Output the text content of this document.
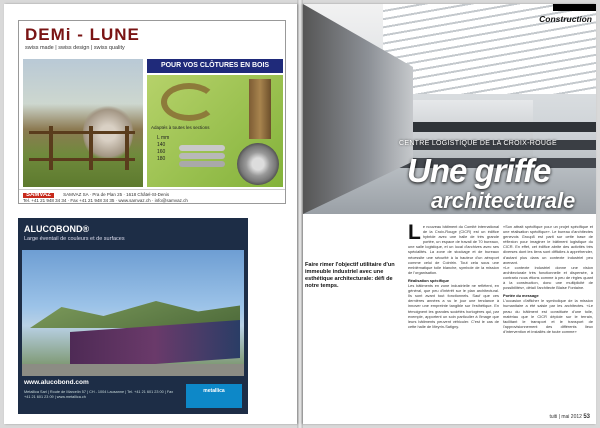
DEMi - LUNE
swiss made | swiss design | swiss quality
POUR VOS CLÔTURES EN BOIS
Adaptés à toutes les sections
L mm
140
160
180
SAMVAZ	SAMVAZ SA · Pra de Plan 25 · 1618 Châtel-St-Denis
Tel. +41 21 948 34 34 · Fax +41 21 948 34 35 · www.samvaz.ch · info@samvaz.ch
ALUCOBOND®
Large éventail de couleurs et de surfaces
www.alucobond.com
Metallica Sarl | Route de Marcelin 57 | CH - 1004 Lausanne | Tel. +41 21 601 23 00 | Fax +41 21 601 23 09 | www.metallica.ch
metallica
Construction
CENTRE LOGISTIQUE DE LA CROIX-ROUGE
Une griffe
architecturale
Faire rimer l'objectif utilitaire d'un immeuble industriel avec une esthétique architecturale: défi de notre temps.
L e nouveau bâtiment du Comité international de la Croix-Rouge (CICR) est un édifice hybride avec une halle de très grande portée, un espace de travail de 70 bureaux, une salle logistique, et un local d'archives avec ses spécialités. La zone de stockage et de bureaux nécessite une sécurité à la hauteur d'un aéroport comme celui de Cointrin. Tout cela sous une emblématique toile blanche, symbole de la mission de l'organisation.
Réalisation spécifique
Les bâtiments en zone industrielle ne reflètent, en général, que peu d'intérêt sur le plan architectural. Ils sont avant tout fonctionnels. Sauf que ces dernières années a vu le jour une tendance à innover une empreinte tangible sur l'esthétique. En témoignent les grandes sociétés horlogères qui, par exemple, apportent un soin particulier à l'image que leurs bâtiments peuvent véhiculer. C'est le cas de cette halle de Meyrin-Satigny.
«Son attrait spécifique pour un projet spécifique et une réalisation spécifique». Le bureau d'architectes genevois Group8 est parti sur cette base de réflexion pour imaginer le bâtiment logistique du CICR. En effet, cet édifice abrite des activités très diverses dont les liens sont difficiles à appréhender, d'autant plus dans un contexte industriel peu avenant.
«Le contexte industriel donne une vision architecturale très fonctionnelle et dispersée, à contrario nous étions comme à peu de règles quant à la construction, donc une multiplicité de possibilités», détail l'architecte Blaise Fontaine.
Portée du message
L'occasion d'afficher le symbolique de la mission humanitaire a été saisie par les architectes. «Le peau du bâtiment est constituée d'une toile, matériau que le CICR déploie sur le terrain, facilitant le transport et le transport de l'approvisionnement des différents lieux d'intervention et installés de toute comme»
tuiti | mai 2012 53
